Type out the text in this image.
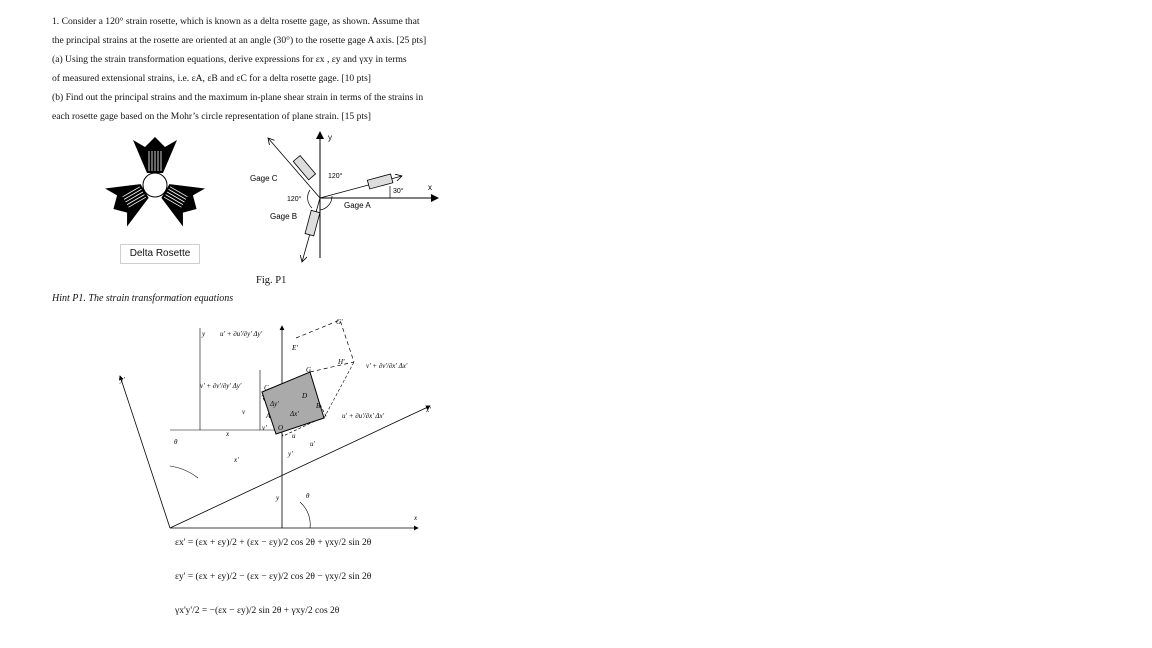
1. Consider a 120° strain rosette, which is known as a delta rosette gage, as shown. Assume that
the principal strains at the rosette are oriented at an angle (30°) to the rosette gage A axis. [25 pts]
(a) Using the strain transformation equations, derive expressions for εx , εy and γxy in terms
of measured extensional strains, i.e. εA, εB and εC for a delta rosette gage. [10 pts]
(b) Find out the principal strains and the maximum in-plane shear strain in terms of the strains in
each rosette gage based on the Mohr’s circle representation of plane strain. [15 pts]
Delta Rosette
y
x
Gage C
Gage A
Gage B
120°
120°
30°
Fig. P1
Hint P1. The strain transformation equations
θ
θ
x
y
x
y
x'
y'
y'
x'
u
v
u'
v' O
A
B
C
D
E'
G
G'
H'
Δx'
Δy'
u' + ∂u'/∂y' Δy'
v' + ∂v'/∂y' Δy'
v' + ∂v'/∂x' Δx'
u' + ∂u'/∂x' Δx'
εx' = (εx + εy)/2 + (εx − εy)/2 cos 2θ + γxy/2 sin 2θ
εy' = (εx + εy)/2 − (εx − εy)/2 cos 2θ − γxy/2 sin 2θ
γx'y'/2 = −(εx − εy)/2 sin 2θ + γxy/2 cos 2θ
